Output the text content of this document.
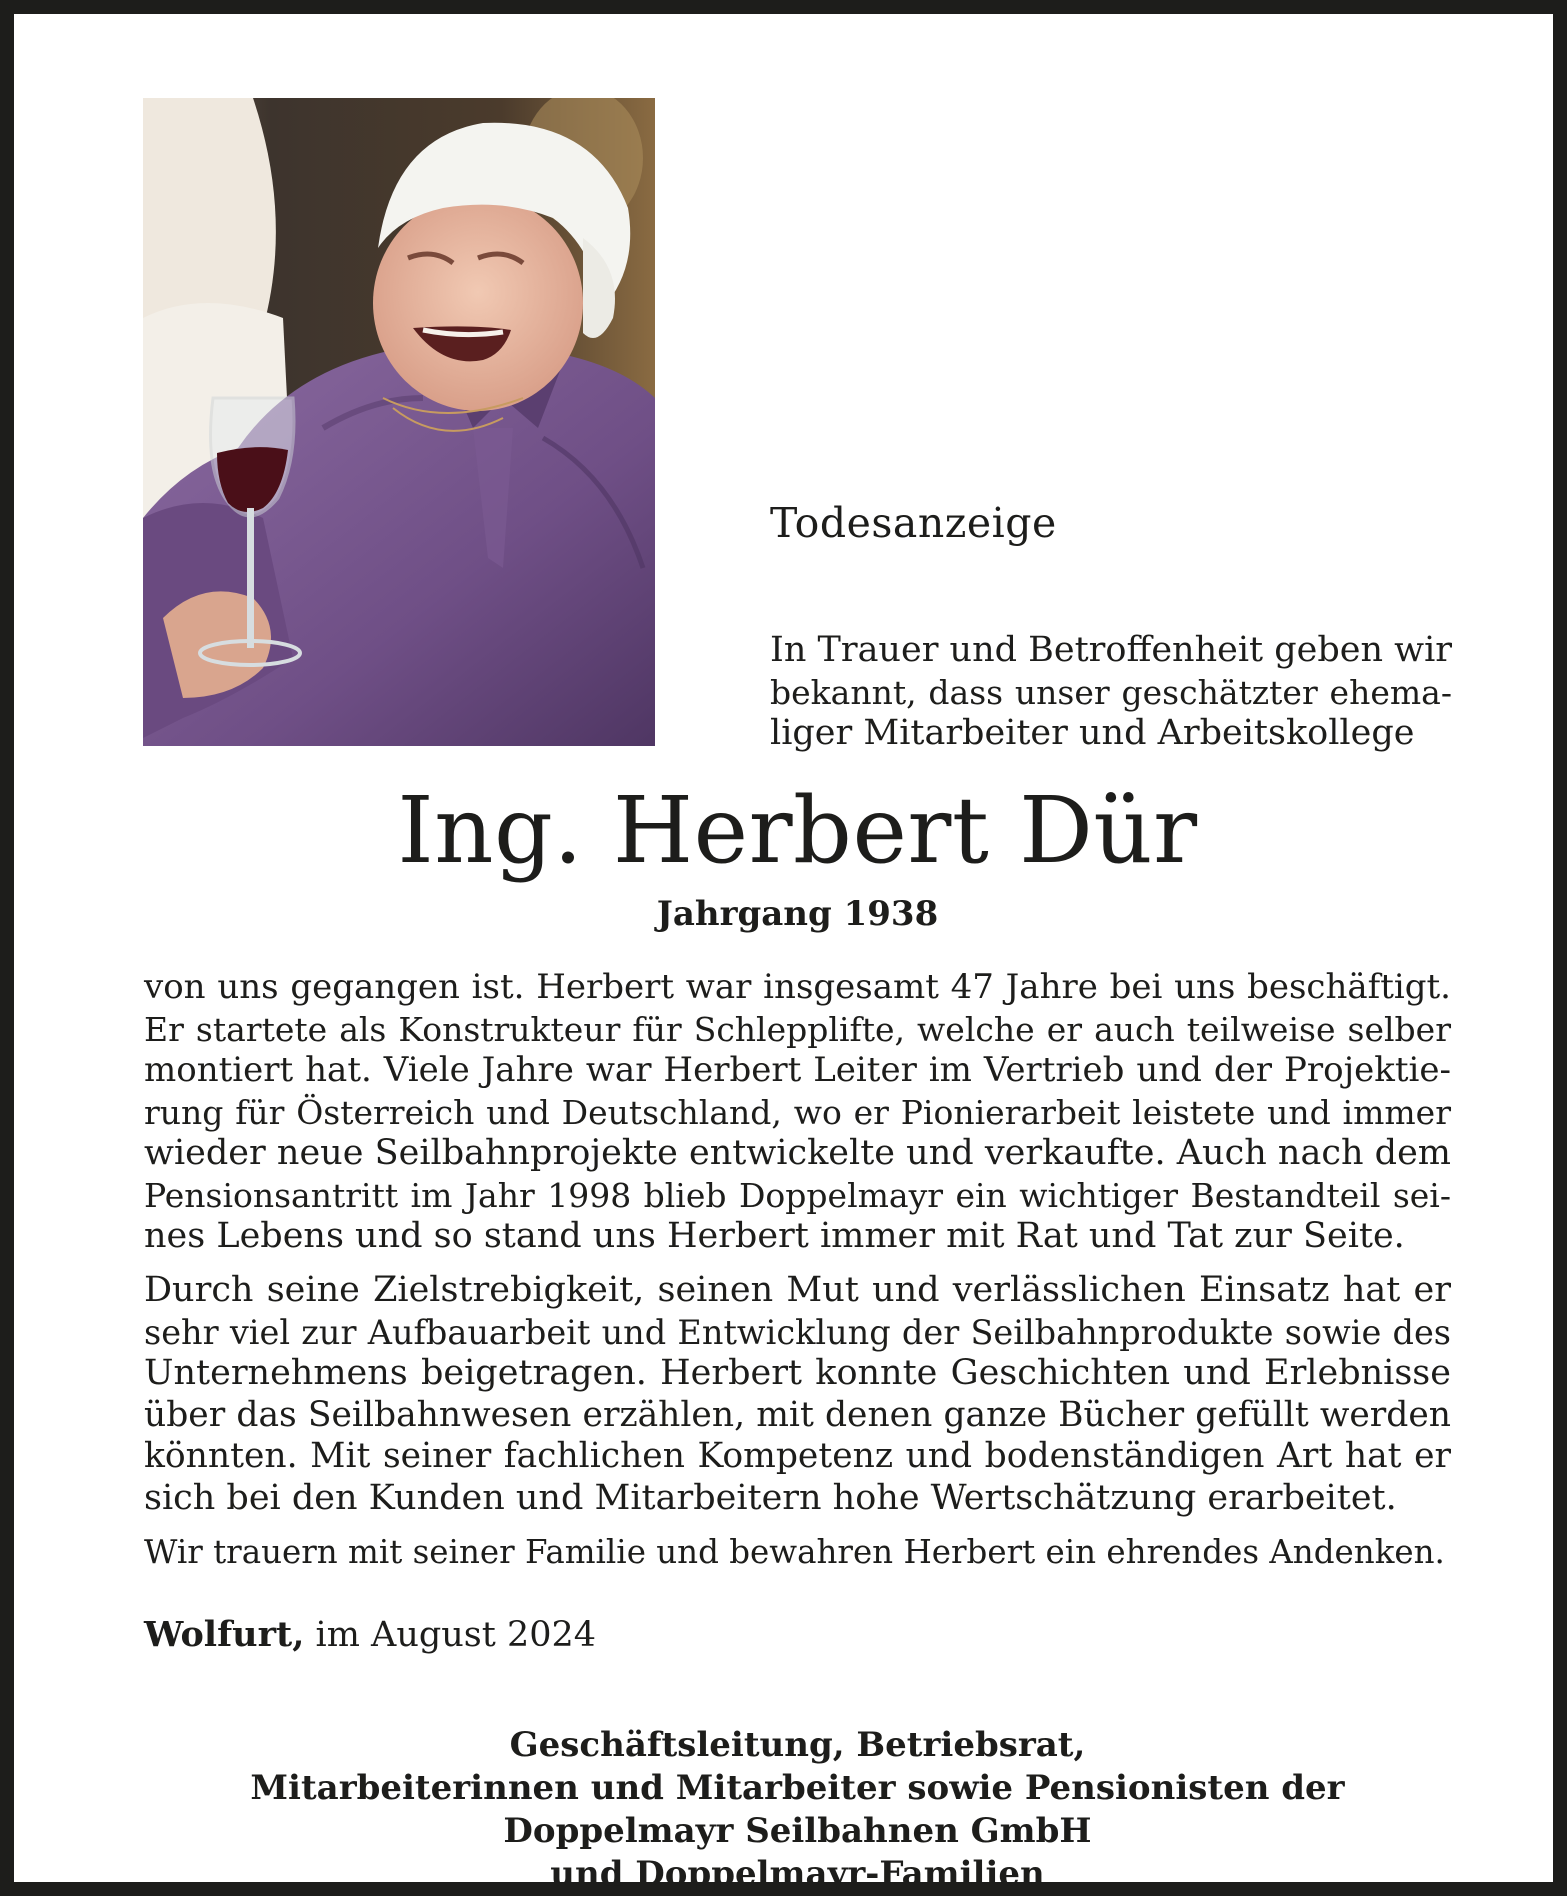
Todesanzeige
In Trauer und Betroffenheit geben wir
bekannt, dass unser geschätzter ehema-
liger Mitarbeiter und Arbeitskollege
Ing. Herbert Dür
Jahrgang 1938
von uns gegangen ist. Herbert war insgesamt 47 Jahre bei uns beschäftigt.
Er startete als Konstrukteur für Schlepplifte, welche er auch teilweise selber
montiert hat. Viele Jahre war Herbert Leiter im Vertrieb und der Projektie-
rung für Österreich und Deutschland, wo er Pionierarbeit leistete und immer
wieder neue Seilbahnprojekte entwickelte und verkaufte. Auch nach dem
Pensionsantritt im Jahr 1998 blieb Doppelmayr ein wichtiger Bestandteil sei-
nes Lebens und so stand uns Herbert immer mit Rat und Tat zur Seite.
Durch seine Zielstrebigkeit, seinen Mut und verlässlichen Einsatz hat er
sehr viel zur Aufbauarbeit und Entwicklung der Seilbahnprodukte sowie des
Unternehmens beigetragen. Herbert konnte Geschichten und Erlebnisse
über das Seilbahnwesen erzählen, mit denen ganze Bücher gefüllt werden
könnten. Mit seiner fachlichen Kompetenz und bodenständigen Art hat er
sich bei den Kunden und Mitarbeitern hohe Wertschätzung erarbeitet.
Wir trauern mit seiner Familie und bewahren Herbert ein ehrendes Andenken.
Wolfurt, im August 2024
Geschäftsleitung, Betriebsrat,
Mitarbeiterinnen und Mitarbeiter sowie Pensionisten der
Doppelmayr Seilbahnen GmbH
und Doppelmayr-Familien
